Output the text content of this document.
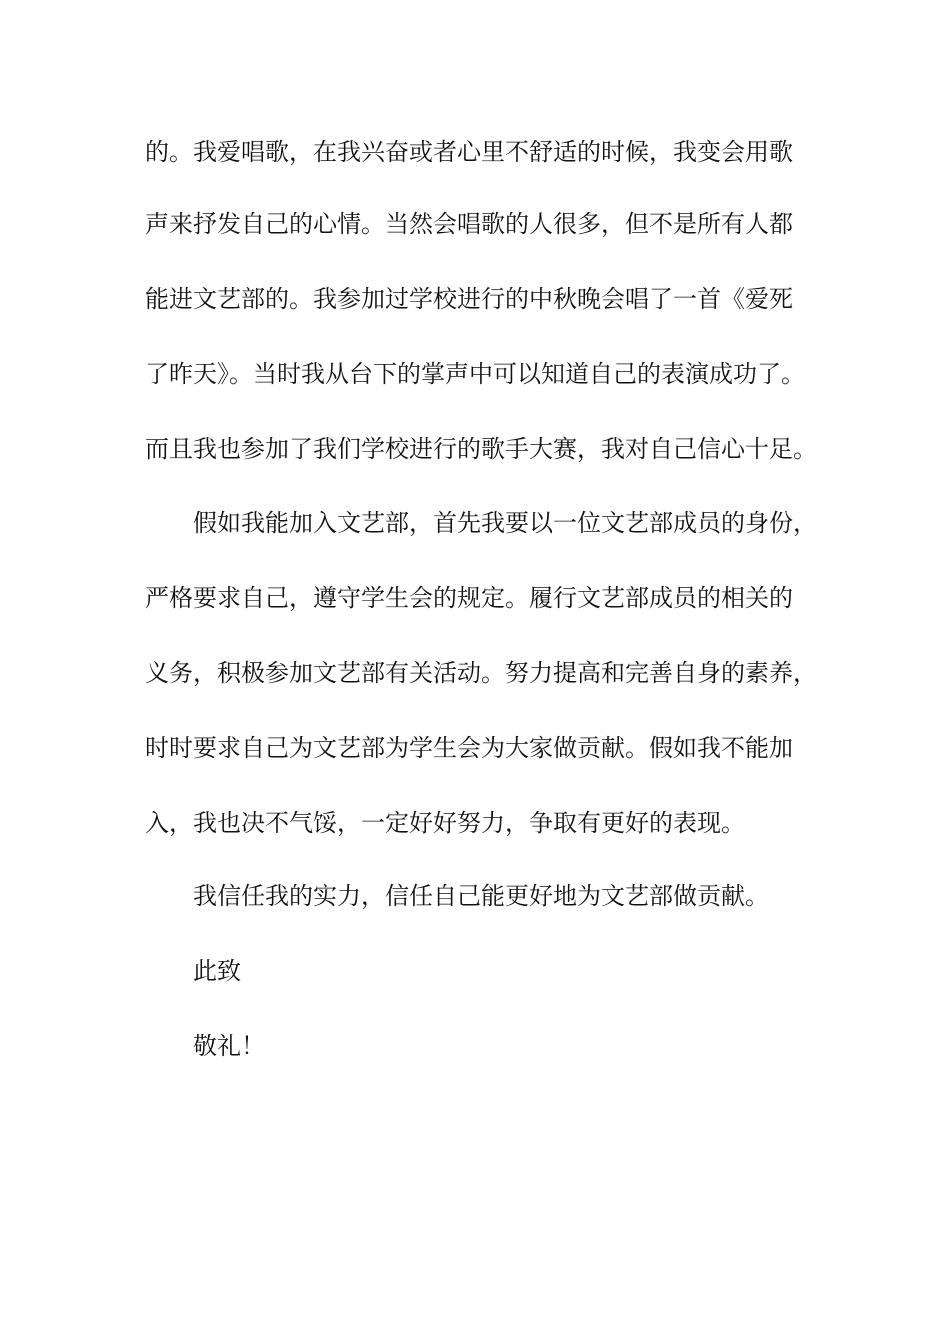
的。我爱唱歌，在我兴奋或者心里不舒适的时候，我变会用歌
声来抒发自己的心情。当然会唱歌的人很多，但不是所有人都
能进文艺部的。我参加过学校进行的中秋晚会唱了一首《爱死
了昨天》。当时我从台下的掌声中可以知道自己的表演成功了。
而且我也参加了我们学校进行的歌手大赛，我对自己信心十足。
假如我能加入文艺部，首先我要以一位文艺部成员的身份，
严格要求自己，遵守学生会的规定。履行文艺部成员的相关的
义务，积极参加文艺部有关活动。努力提高和完善自身的素养，
时时要求自己为文艺部为学生会为大家做贡献。假如我不能加
入，我也决不气馁，一定好好努力，争取有更好的表现。
我信任我的实力，信任自己能更好地为文艺部做贡献。
此致
敬礼！
